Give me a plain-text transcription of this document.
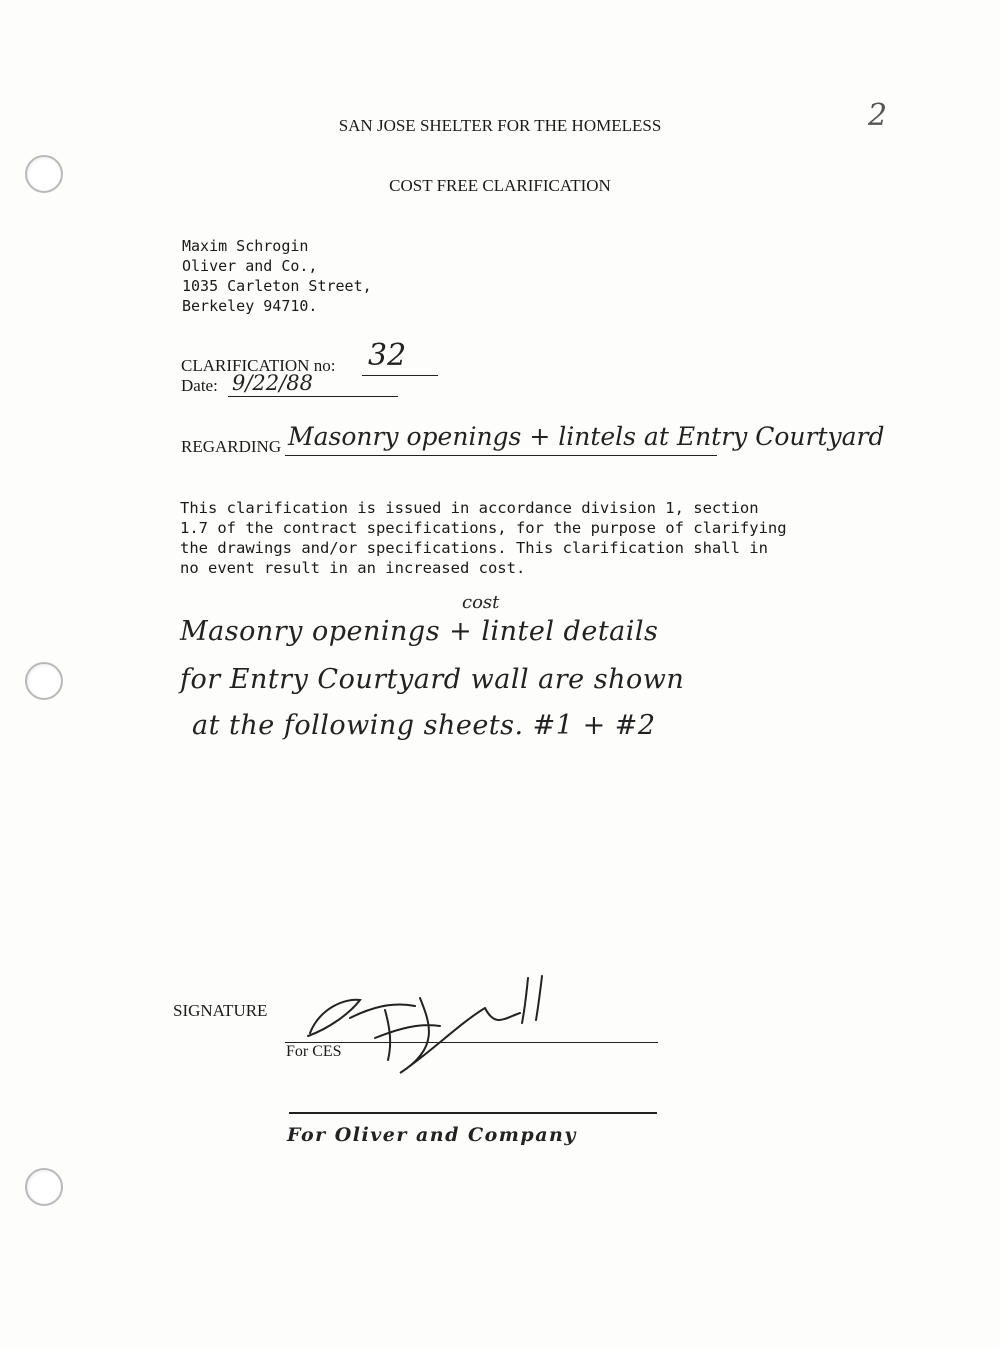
2
SAN JOSE SHELTER FOR THE HOMELESS
COST FREE CLARIFICATION
Maxim Schrogin
Oliver and Co.,
1035 Carleton Street,
Berkeley 94710.
CLARIFICATION no: 32
Date: 9/22/88
REGARDING Masonry openings + lintels at Entry Courtyard
This clarification is issued in accordance division 1, section
1.7 of the contract specifications, for the purpose of clarifying
the drawings and/or specifications. This clarification shall in
no event result in an increased cost.
cost
Masonry openings + lintel details
for Entry Courtyard wall are shown
at the following sheets. #1 + #2
SIGNATURE
For CES
For Oliver and Company
